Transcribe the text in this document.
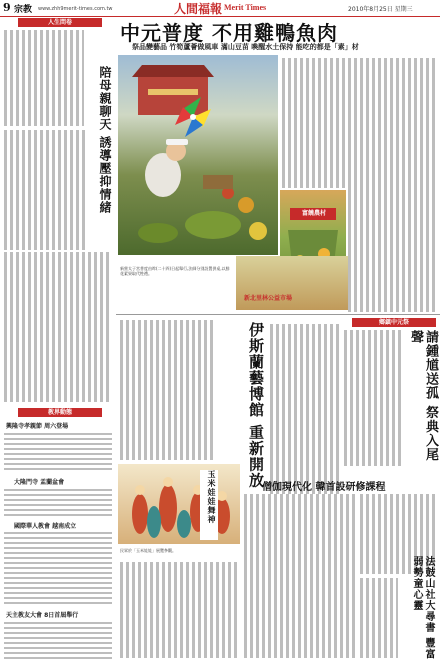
9 宗教 www.zhh9merit-times.com.tw	人間福報 Merit Times	2010年8月25日 星期三
人生問卷
陪母親聊天 誘導壓抑情緒
教界動態
興隆寺孝親節 周六登場
大隆門寺 盂蘭盆會
國際華人教會 越南成立
天主教友大會 8日首屆舉行
中元普度 不用雞鴨魚肉
祭品變藝品 竹筍蘆薈做風車 滿山豆苗 喚醒水土保持 能吃的都是「素」材
富饒農村
新北里林公益市場
新營太子宮普度由昨(二十四)日起舉行,法師分別設置供桌,以鮮花素果取代牲禮。
伊斯蘭藝博館 重新開放	鄉鎮中元祭
請鍾馗送孤 祭典入尾聲
玉米娃娃舞神
民眾於「玉米娃娃」展覽參觀。
僧伽現代化 韓首設研修課程
法鼓山社大尋書 豐富弱勢童心靈
